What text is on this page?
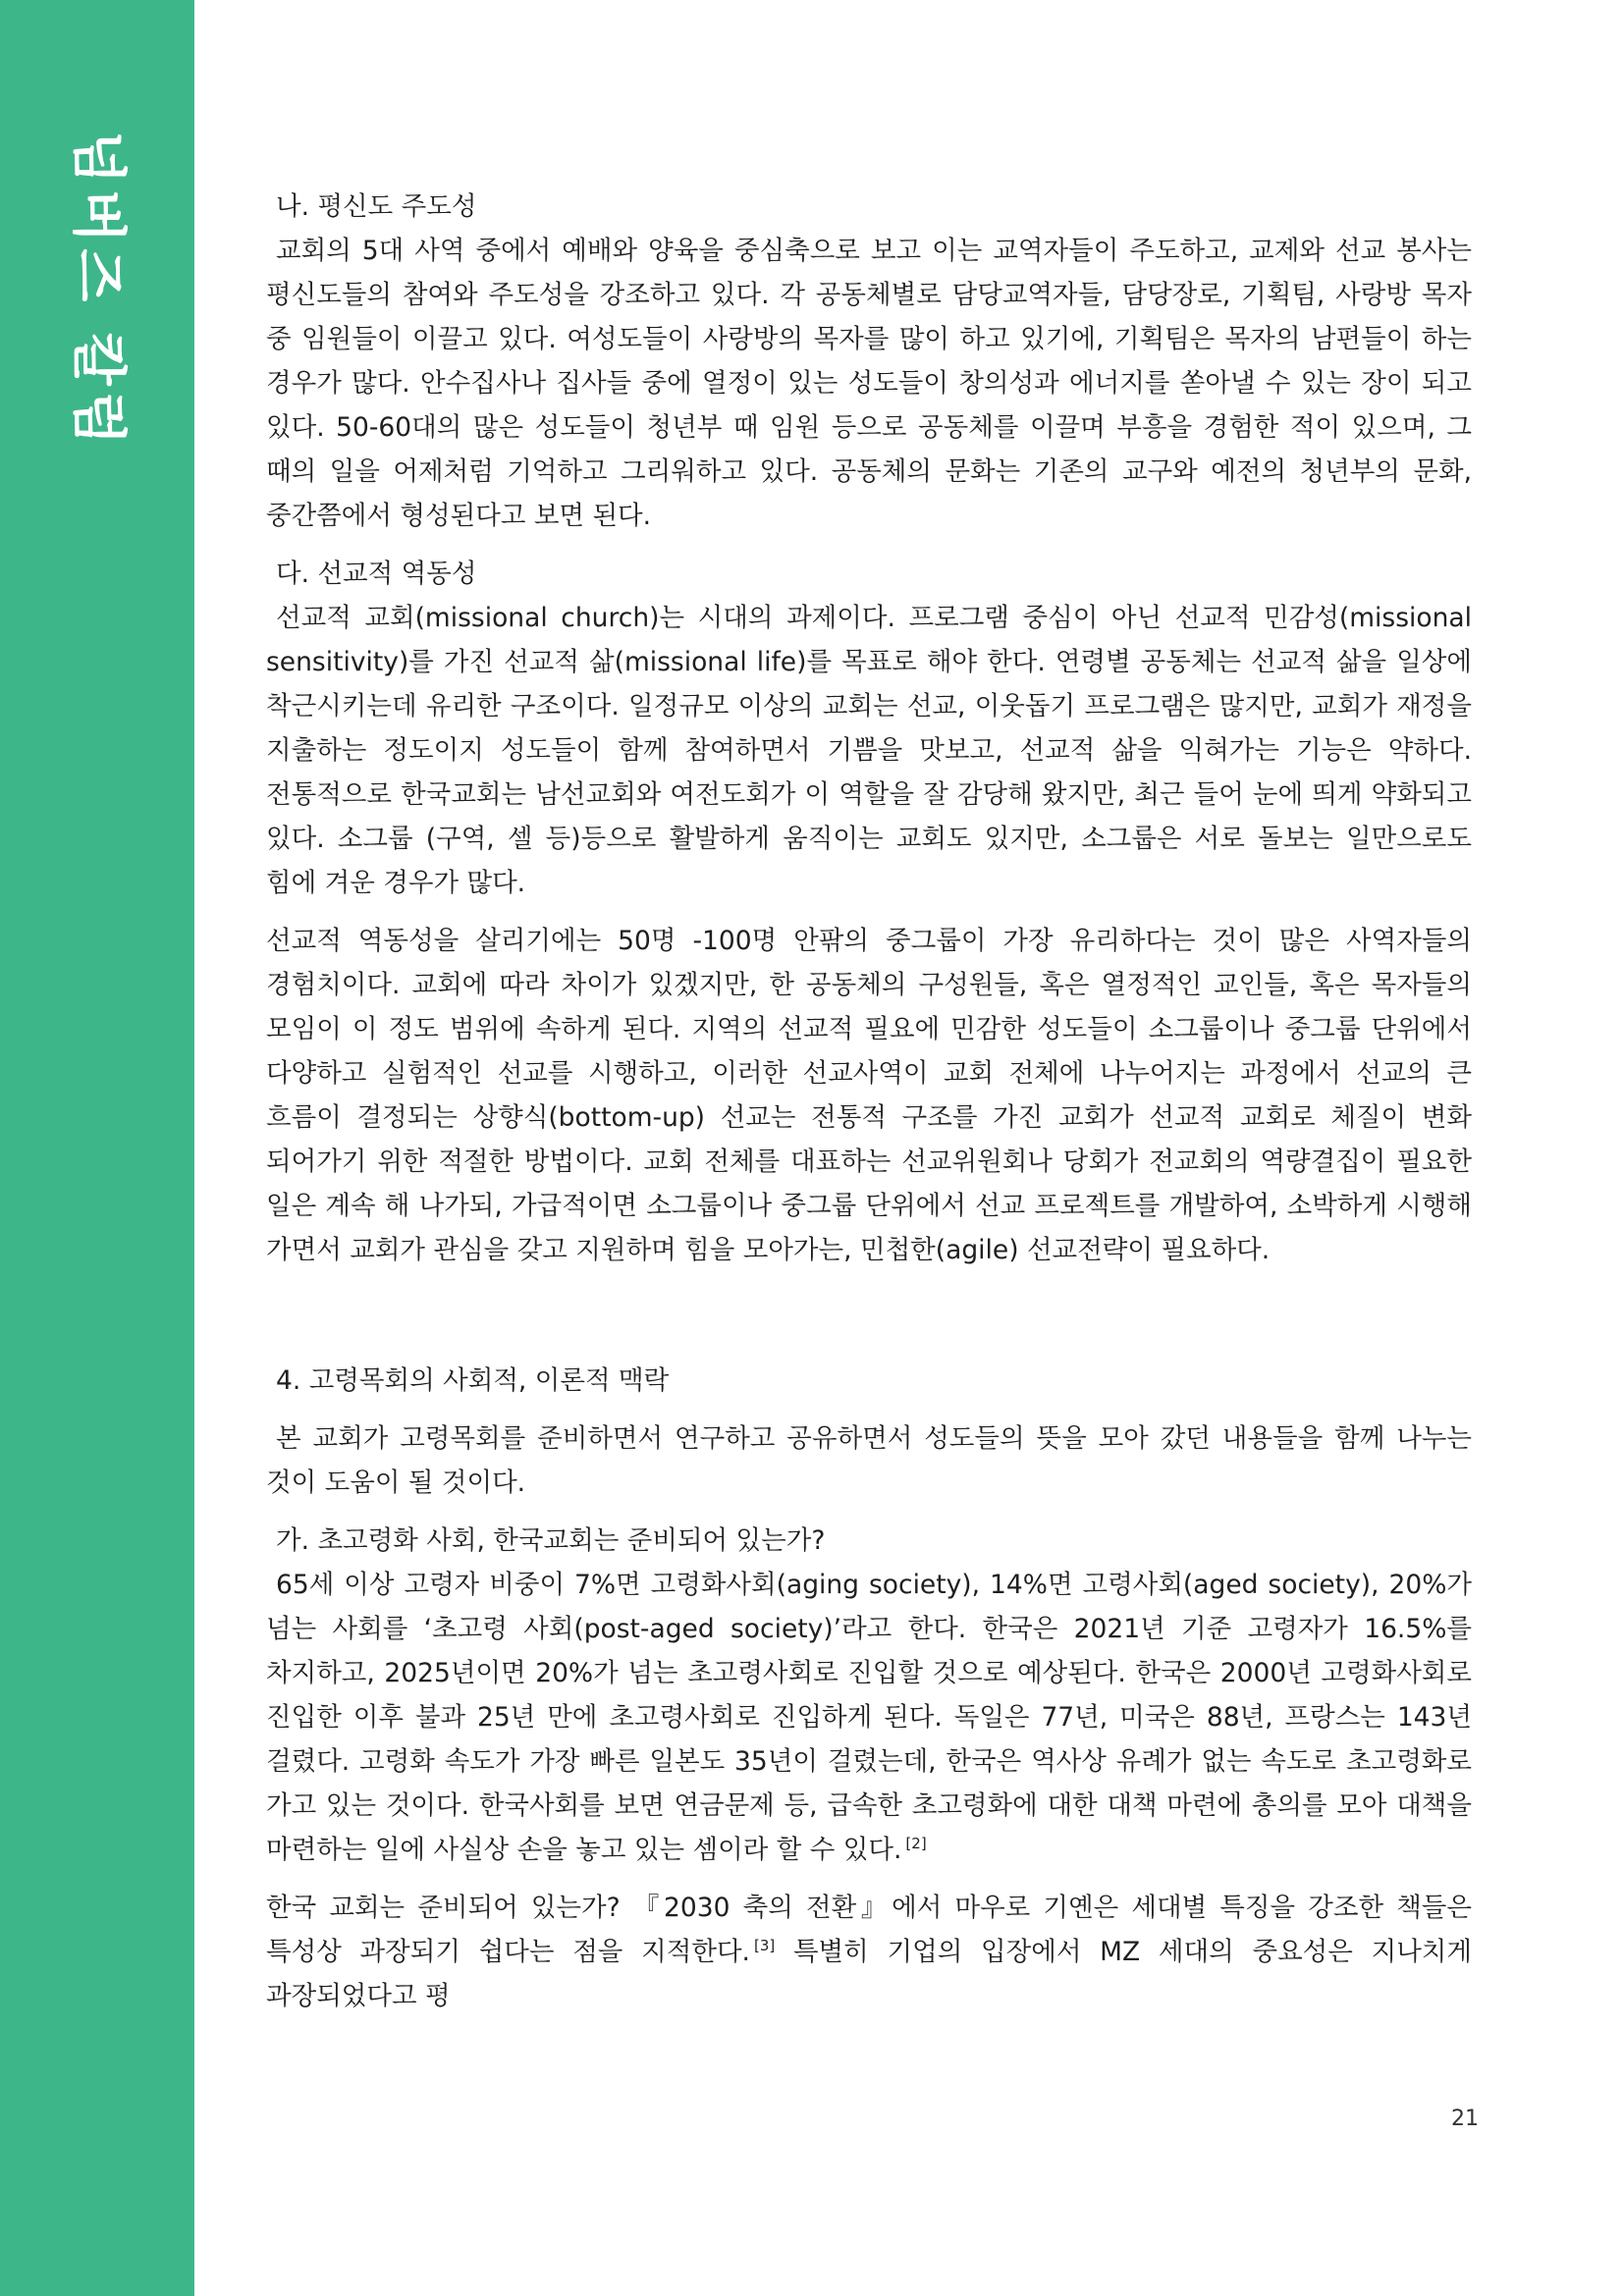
넘버즈 칼럼	나. 평신도 주도성

교회의 5대 사역 중에서 예배와 양육을 중심축으로 보고 이는 교역자들이 주도하고, 교제와 선교 봉사는 평신도들의 참여와 주도성을 강조하고 있다. 각 공동체별로 담당교역자들, 담당장로, 기획팀, 사랑방 목자 중 임원들이 이끌고 있다. 여성도들이 사랑방의 목자를 많이 하고 있기에, 기획팀은 목자의 남편들이 하는 경우가 많다. 안수집사나 집사들 중에 열정이 있는 성도들이 창의성과 에너지를 쏟아낼 수 있는 장이 되고 있다. 50-60대의 많은 성도들이 청년부 때 임원 등으로 공동체를 이끌며 부흥을 경험한 적이 있으며, 그 때의 일을 어제처럼 기억하고 그리워하고 있다. 공동체의 문화는 기존의 교구와 예전의 청년부의 문화, 중간쯤에서 형성된다고 보면 된다.

다. 선교적 역동성

선교적 교회(missional church)는 시대의 과제이다. 프로그램 중심이 아닌 선교적 민감성(missional sensitivity)를 가진 선교적 삶(missional life)를 목표로 해야 한다. 연령별 공동체는 선교적 삶을 일상에 착근시키는데 유리한 구조이다. 일정규모 이상의 교회는 선교, 이웃돕기 프로그램은 많지만, 교회가 재정을 지출하는 정도이지 성도들이 함께 참여하면서 기쁨을 맛보고, 선교적 삶을 익혀가는 기능은 약하다. 전통적으로 한국교회는 남선교회와 여전도회가 이 역할을 잘 감당해 왔지만, 최근 들어 눈에 띄게 약화되고 있다. 소그룹 (구역, 셀 등)등으로 활발하게 움직이는 교회도 있지만, 소그룹은 서로 돌보는 일만으로도 힘에 겨운 경우가 많다.

선교적 역동성을 살리기에는 50명 -100명 안팎의 중그룹이 가장 유리하다는 것이 많은 사역자들의 경험치이다. 교회에 따라 차이가 있겠지만, 한 공동체의 구성원들, 혹은 열정적인 교인들, 혹은 목자들의 모임이 이 정도 범위에 속하게 된다. 지역의 선교적 필요에 민감한 성도들이 소그룹이나 중그룹 단위에서 다양하고 실험적인 선교를 시행하고, 이러한 선교사역이 교회 전체에 나누어지는 과정에서 선교의 큰 흐름이 결정되는 상향식(bottom-up) 선교는 전통적 구조를 가진 교회가 선교적 교회로 체질이 변화 되어가기 위한 적절한 방법이다. 교회 전체를 대표하는 선교위원회나 당회가 전교회의 역량결집이 필요한 일은 계속 해 나가되, 가급적이면 소그룹이나 중그룹 단위에서 선교 프로젝트를 개발하여, 소박하게 시행해 가면서 교회가 관심을 갖고 지원하며 힘을 모아가는, 민첩한(agile) 선교전략이 필요하다.

4. 고령목회의 사회적, 이론적 맥락

본 교회가 고령목회를 준비하면서 연구하고 공유하면서 성도들의 뜻을 모아 갔던 내용들을 함께 나누는 것이 도움이 될 것이다.

가. 초고령화 사회, 한국교회는 준비되어 있는가?

65세 이상 고령자 비중이 7%면 고령화사회(aging society), 14%면 고령사회(aged society), 20%가 넘는 사회를 ‘초고령 사회(post-aged society)’라고 한다. 한국은 2021년 기준 고령자가 16.5%를 차지하고, 2025년이면 20%가 넘는 초고령사회로 진입할 것으로 예상된다. 한국은 2000년 고령화사회로 진입한 이후 불과 25년 만에 초고령사회로 진입하게 된다. 독일은 77년, 미국은 88년, 프랑스는 143년 걸렸다. 고령화 속도가 가장 빠른 일본도 35년이 걸렸는데, 한국은 역사상 유례가 없는 속도로 초고령화로 가고 있는 것이다. 한국사회를 보면 연금문제 등, 급속한 초고령화에 대한 대책 마련에 총의를 모아 대책을 마련하는 일에 사실상 손을 놓고 있는 셈이라 할 수 있다. [2]

한국 교회는 준비되어 있는가? 『2030 축의 전환』에서 마우로 기옌은 세대별 특징을 강조한 책들은 특성상 과장되기 쉽다는 점을 지적한다. [3] 특별히 기업의 입장에서 MZ 세대의 중요성은 지나치게 과장되었다고 평

21
